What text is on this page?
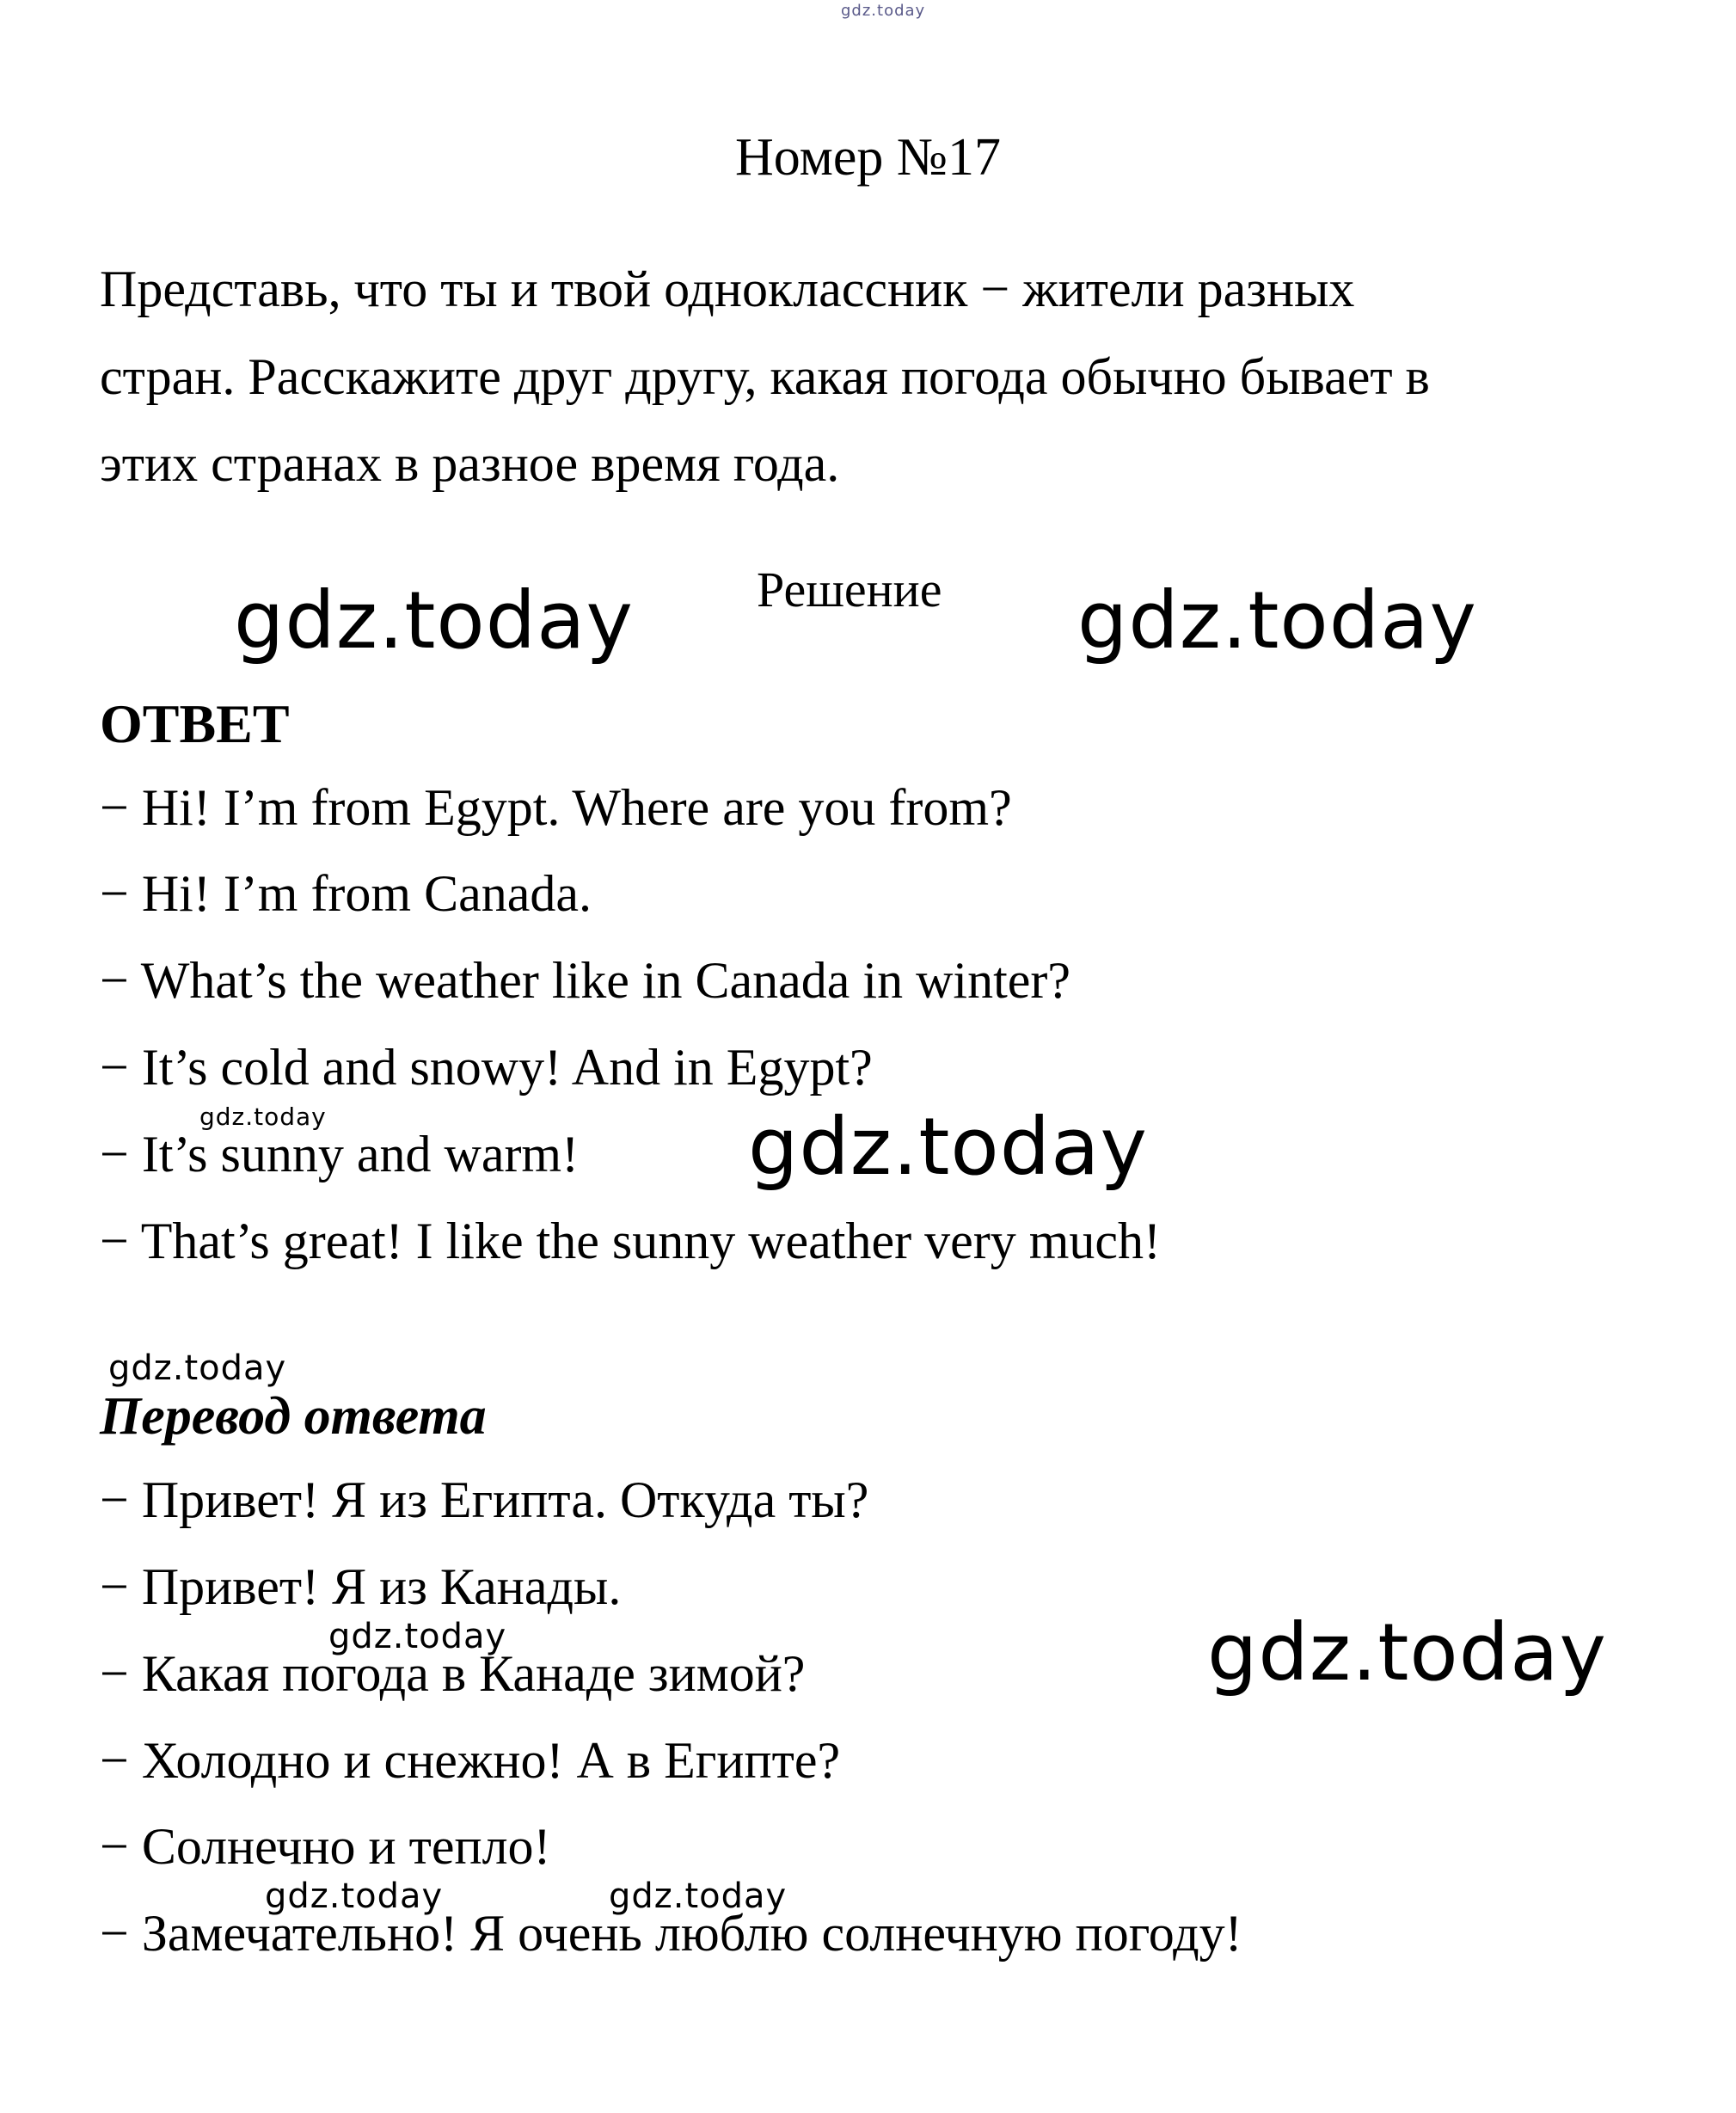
gdz.today
gdz.today	gdz.today
gdz.today	gdz.today
gdz.today
gdz.today	gdz.today
gdz.today	gdz.today
Номер №17
Представь, что ты и твой одноклассник − жители разных
стран. Расскажите друг другу, какая погода обычно бывает в
этих странах в разное время года.
Решение
ОТВЕТ
− Hi! I’m from Egypt. Where are you from?
− Hi! I’m from Canada.
− What’s the weather like in Canada in winter?
− It’s cold and snowy! And in Egypt?
− It’s sunny and warm!
− That’s great! I like the sunny weather very much!
Перевод ответа
− Привет! Я из Египта. Откуда ты?
− Привет! Я из Канады.
− Какая погода в Канаде зимой?
− Холодно и снежно! А в Египте?
− Солнечно и тепло!
− Замечательно! Я очень люблю солнечную погоду!
